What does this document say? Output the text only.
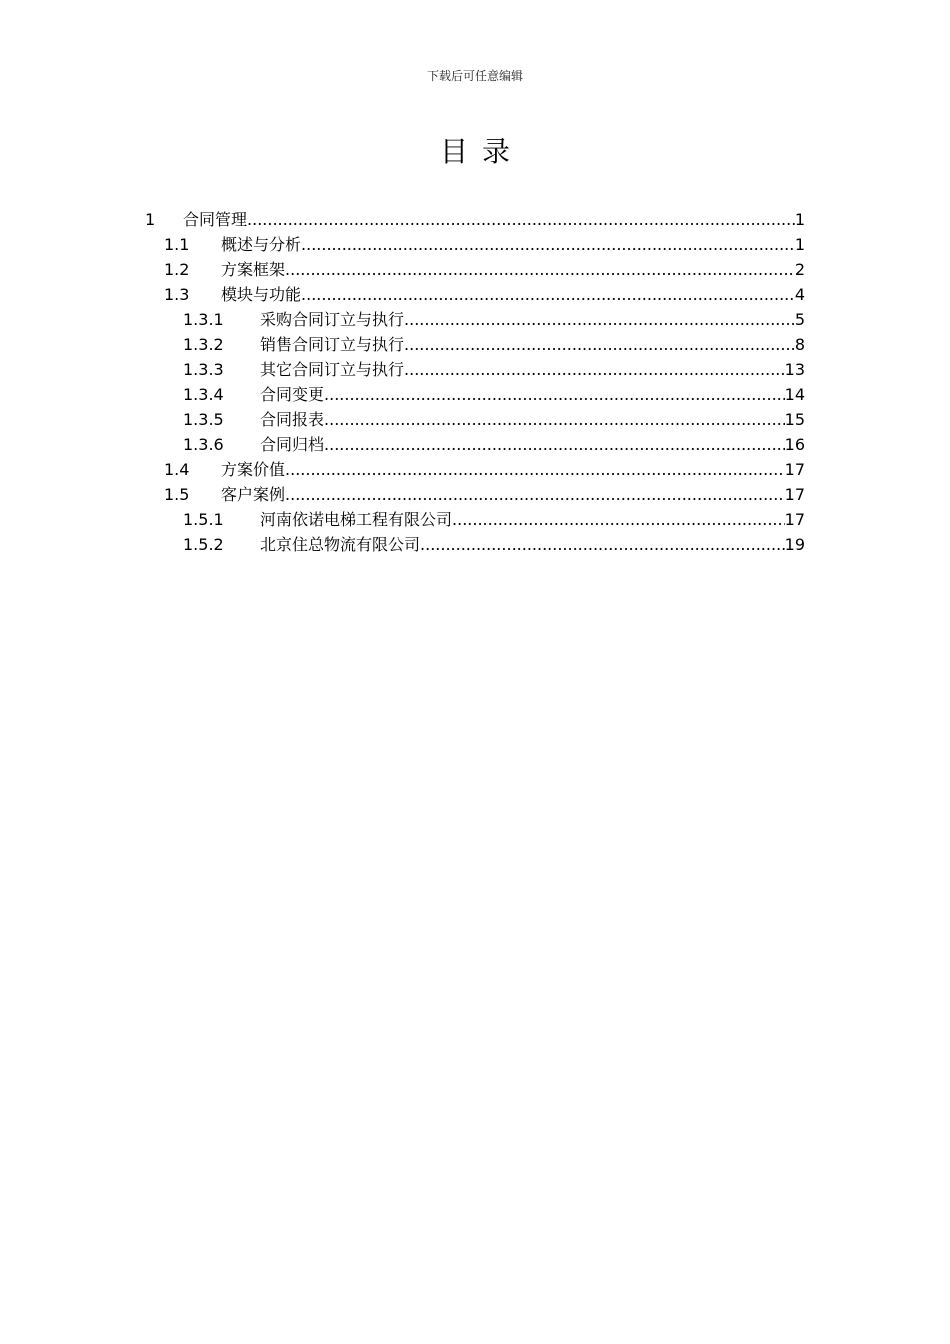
下载后可任意编辑
目录
1	合同管理 .....	1
1.1	概述与分析 .....	1
1.2	方案框架 .....	2
1.3	模块与功能 .....	4
1.3.1	采购合同订立与执行 .....	5
1.3.2	销售合同订立与执行 .....	8
1.3.3	其它合同订立与执行 .....	13
1.3.4	合同变更 .....	14
1.3.5	合同报表 .....	15
1.3.6	合同归档 .....	16
1.4	方案价值 .....	17
1.5	客户案例 .....	17
1.5.1	河南依诺电梯工程有限公司 .....	17
1.5.2	北京住总物流有限公司 .....	19
